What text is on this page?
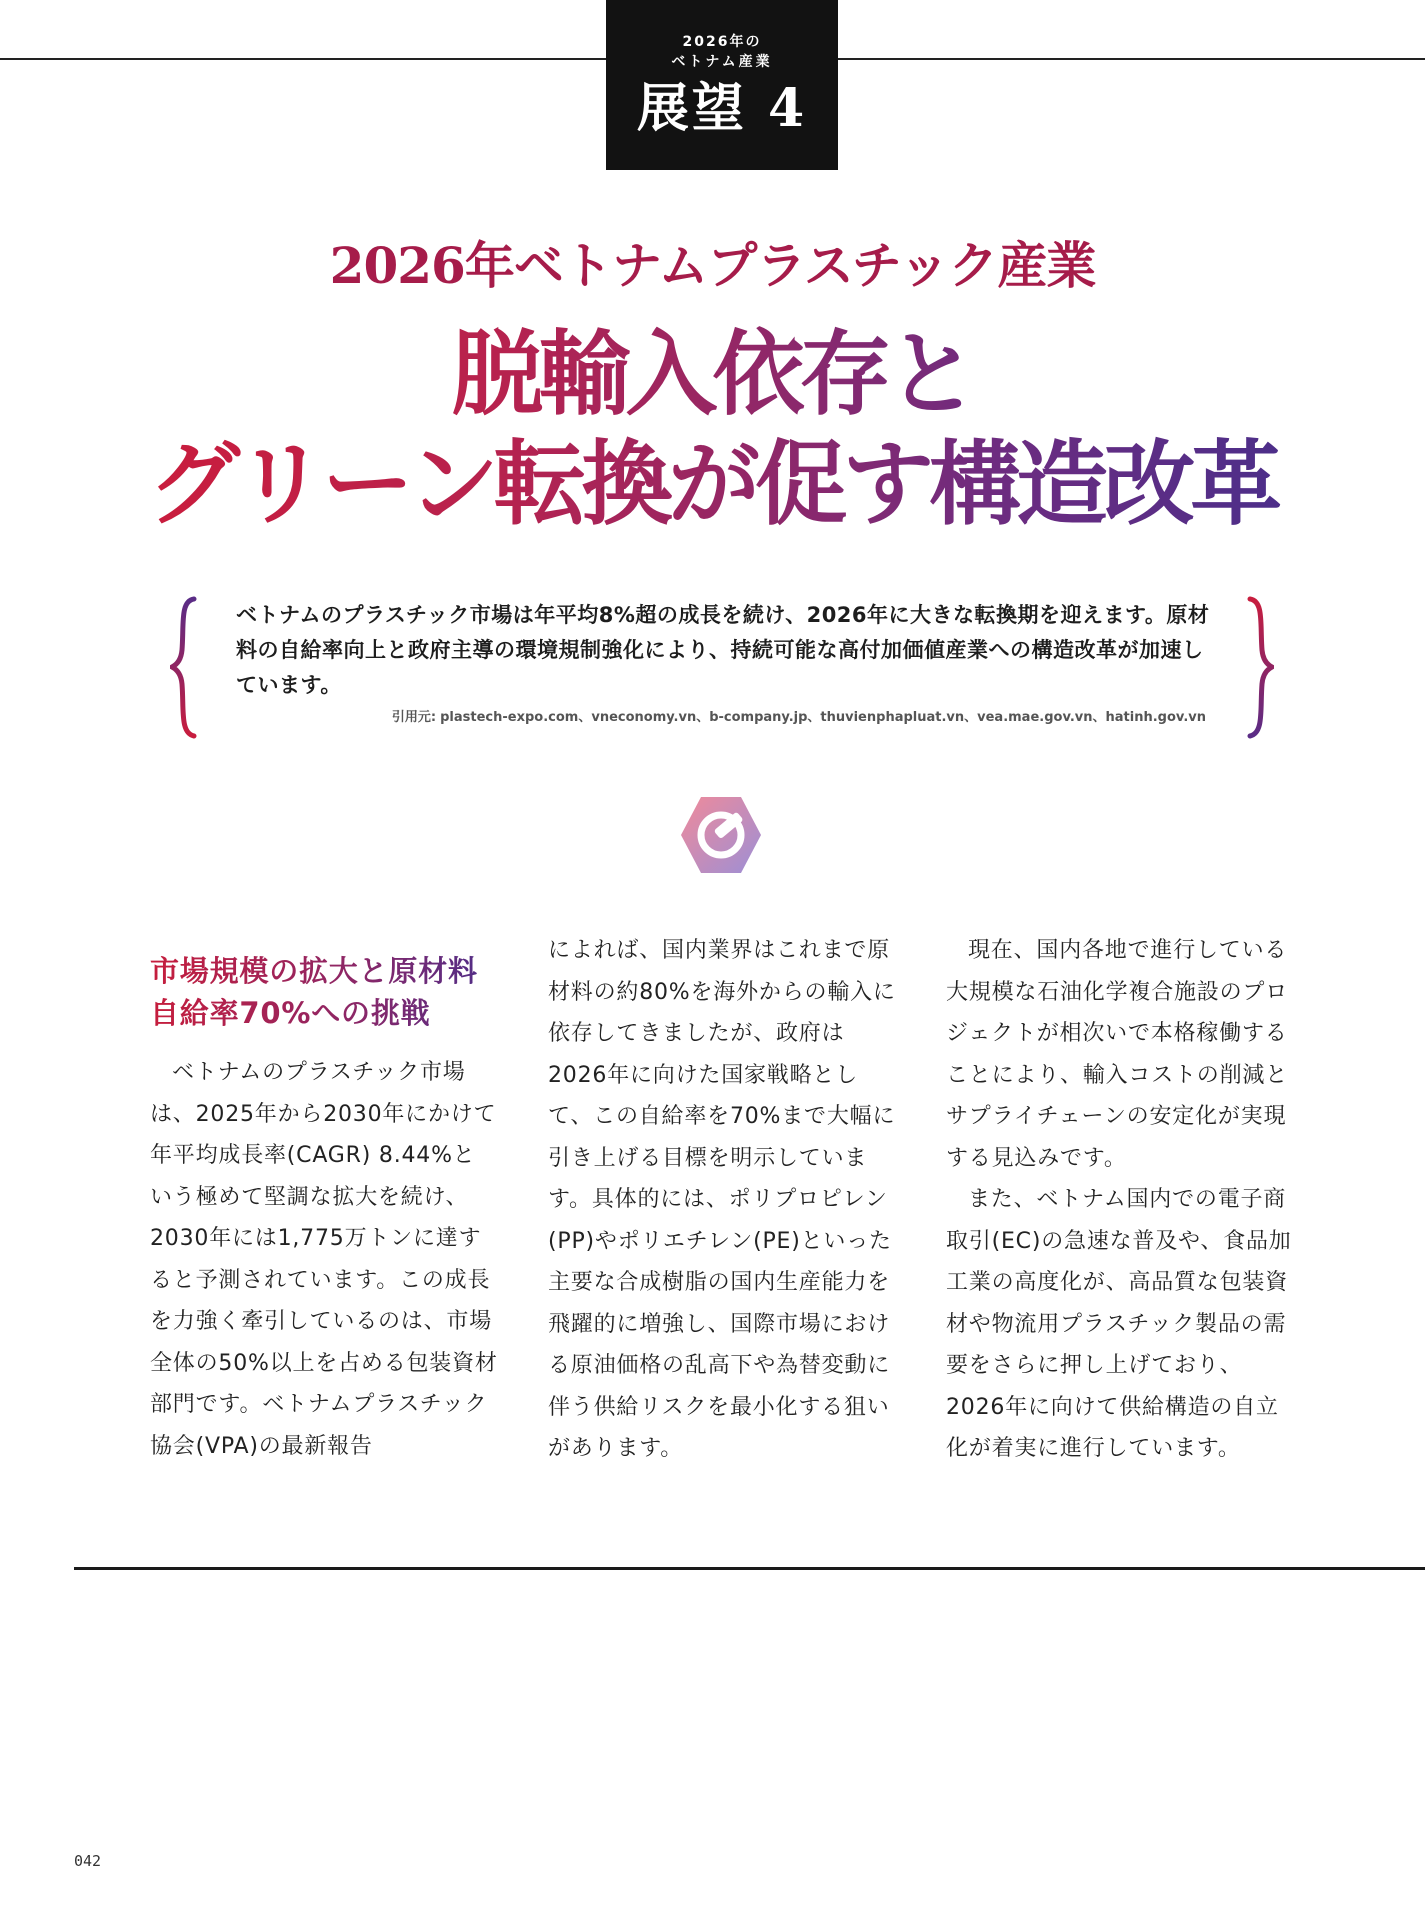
2026年の
ベトナム産業
展望 4
2026年ベトナムプラスチック産業
脱輸入依存と
グリーン転換が促す構造改革
ベトナムのプラスチック市場は年平均8%超の成長を続け、2026年に大きな転換期を迎えます。原材料の自給率向上と政府主導の環境規制強化により、持続可能な高付加価値産業への構造改革が加速しています。
引用元: plastech-expo.com、vneconomy.vn、b-company.jp、thuvienphapluat.vn、vea.mae.gov.vn、hatinh.gov.vn
市場規模の拡大と原材料自給率70%への挑戦

ベトナムのプラスチック市場は、2025年から2030年にかけて年平均成長率(CAGR) 8.44%という極めて堅調な拡大を続け、2030年には1,775万トンに達すると予測されています。この成長を力強く牽引しているのは、市場全体の50%以上を占める包装資材部門です。ベトナムプラスチック協会(VPA)の最新報告

によれば、国内業界はこれまで原材料の約80%を海外からの輸入に依存してきましたが、政府は2026年に向けた国家戦略として、この自給率を70%まで大幅に引き上げる目標を明示しています。具体的には、ポリプロピレン(PP)やポリエチレン(PE)といった主要な合成樹脂の国内生産能力を飛躍的に増強し、国際市場における原油価格の乱高下や為替変動に伴う供給リスクを最小化する狙いがあります。

現在、国内各地で進行している大規模な石油化学複合施設のプロジェクトが相次いで本格稼働することにより、輸入コストの削減とサプライチェーンの安定化が実現する見込みです。

また、ベトナム国内での電子商取引(EC)の急速な普及や、食品加工業の高度化が、高品質な包装資材や物流用プラスチック製品の需要をさらに押し上げており、2026年に向けて供給構造の自立化が着実に進行しています。

042
